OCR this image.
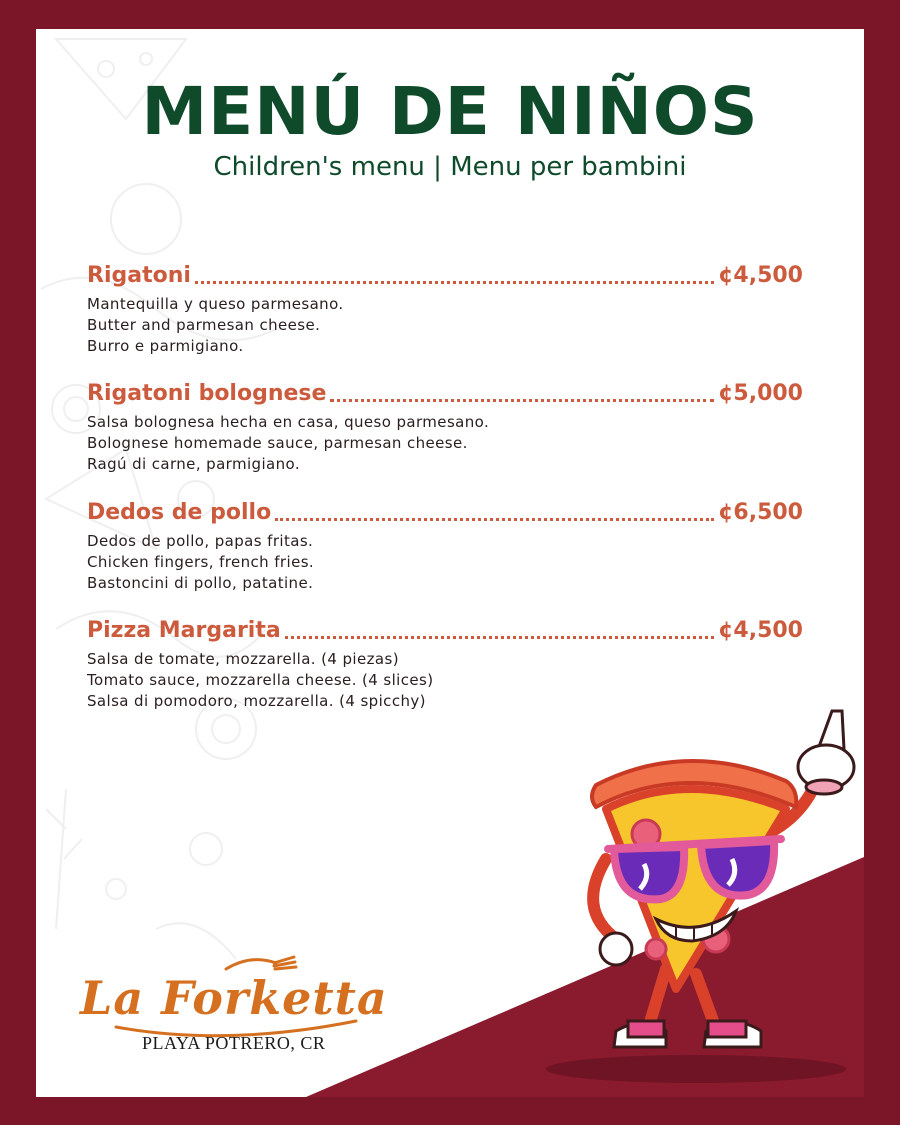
MENÚ DE NIÑOS
Children's menu | Menu per bambini
Rigatoni	¢4,500
Mantequilla y queso parmesano.
Butter and parmesan cheese.
Burro e parmigiano.
Rigatoni bolognese	¢5,000
Salsa bolognesa hecha en casa, queso parmesano.
Bolognese homemade sauce, parmesan cheese.
Ragú di carne, parmigiano.
Dedos de pollo	¢6,500
Dedos de pollo, papas fritas.
Chicken fingers, french fries.
Bastoncini di pollo, patatine.
Pizza Margarita	¢4,500
Salsa de tomate, mozzarella. (4 piezas)
Tomato sauce, mozzarella cheese. (4 slices)
Salsa di pomodoro, mozzarella. (4 spicchy)
La Forketta
PLAYA POTRERO, CR
